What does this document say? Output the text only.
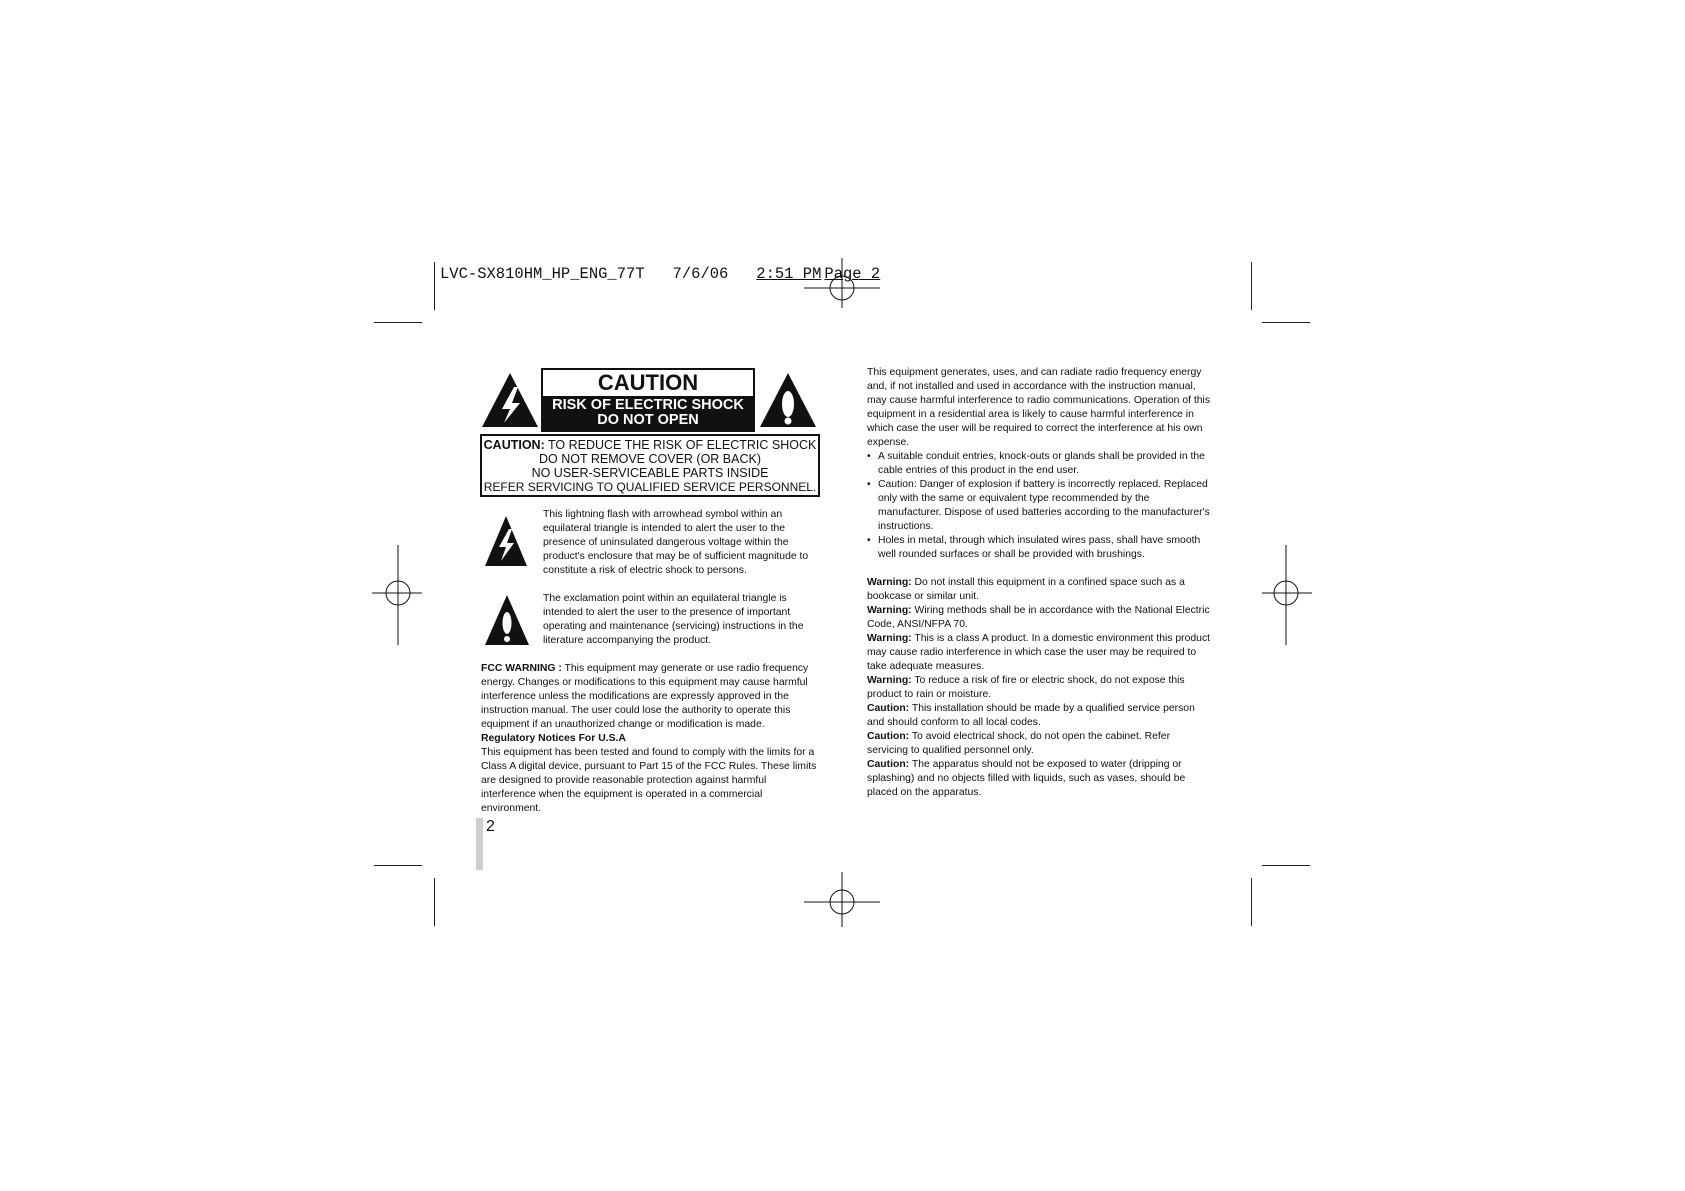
LVC-SX810HM_HP_ENG_77T 7/6/06 2:51 PM Page 2
CAUTION
RISK OF ELECTRIC SHOCK
DO NOT OPEN
CAUTION: TO REDUCE THE RISK OF ELECTRIC SHOCK
DO NOT REMOVE COVER (OR BACK)
NO USER-SERVICEABLE PARTS INSIDE
REFER SERVICING TO QUALIFIED SERVICE PERSONNEL.
This lightning flash with arrowhead symbol within an equilateral triangle is intended to alert the user to the presence of uninsulated dangerous voltage within the product's enclosure that may be of sufficient magnitude to constitute a risk of electric shock to persons.
The exclamation point within an equilateral triangle is intended to alert the user to the presence of important operating and maintenance (servicing) instructions in the literature accompanying the product.

FCC WARNING : This equipment may generate or use radio frequency energy. Changes or modifications to this equipment may cause harmful interference unless the modifications are expressly approved in the instruction manual. The user could lose the authority to operate this equipment if an unauthorized change or modification is made.

Regulatory Notices For U.S.A

This equipment has been tested and found to comply with the limits for a Class A digital device, pursuant to Part 15 of the FCC Rules. These limits are designed to provide reasonable protection against harmful interference when the equipment is operated in a commercial environment.

This equipment generates, uses, and can radiate radio frequency energy and, if not installed and used in accordance with the instruction manual, may cause harmful interference to radio communications. Operation of this equipment in a residential area is likely to cause harmful interference in which case the user will be required to correct the interference at his own expense.

• A suitable conduit entries, knock-outs or glands shall be provided in the cable entries of this product in the end user.
• Caution: Danger of explosion if battery is incorrectly replaced. Replaced only with the same or equivalent type recommended by the manufacturer. Dispose of used batteries according to the manufacturer's instructions.
• Holes in metal, through which insulated wires pass, shall have smooth well rounded surfaces or shall be provided with brushings.

Warning: Do not install this equipment in a confined space such as a bookcase or similar unit.

Warning: Wiring methods shall be in accordance with the National Electric Code, ANSI/NFPA 70.

Warning: This is a class A product. In a domestic environment this product may cause radio interference in which case the user may be required to take adequate measures.

Warning: To reduce a risk of fire or electric shock, do not expose this product to rain or moisture.

Caution: This installation should be made by a qualified service person and should conform to all local codes.

Caution: To avoid electrical shock, do not open the cabinet. Refer servicing to qualified personnel only.

Caution: The apparatus should not be exposed to water (dripping or splashing) and no objects filled with liquids, such as vases, should be placed on the apparatus.

2
